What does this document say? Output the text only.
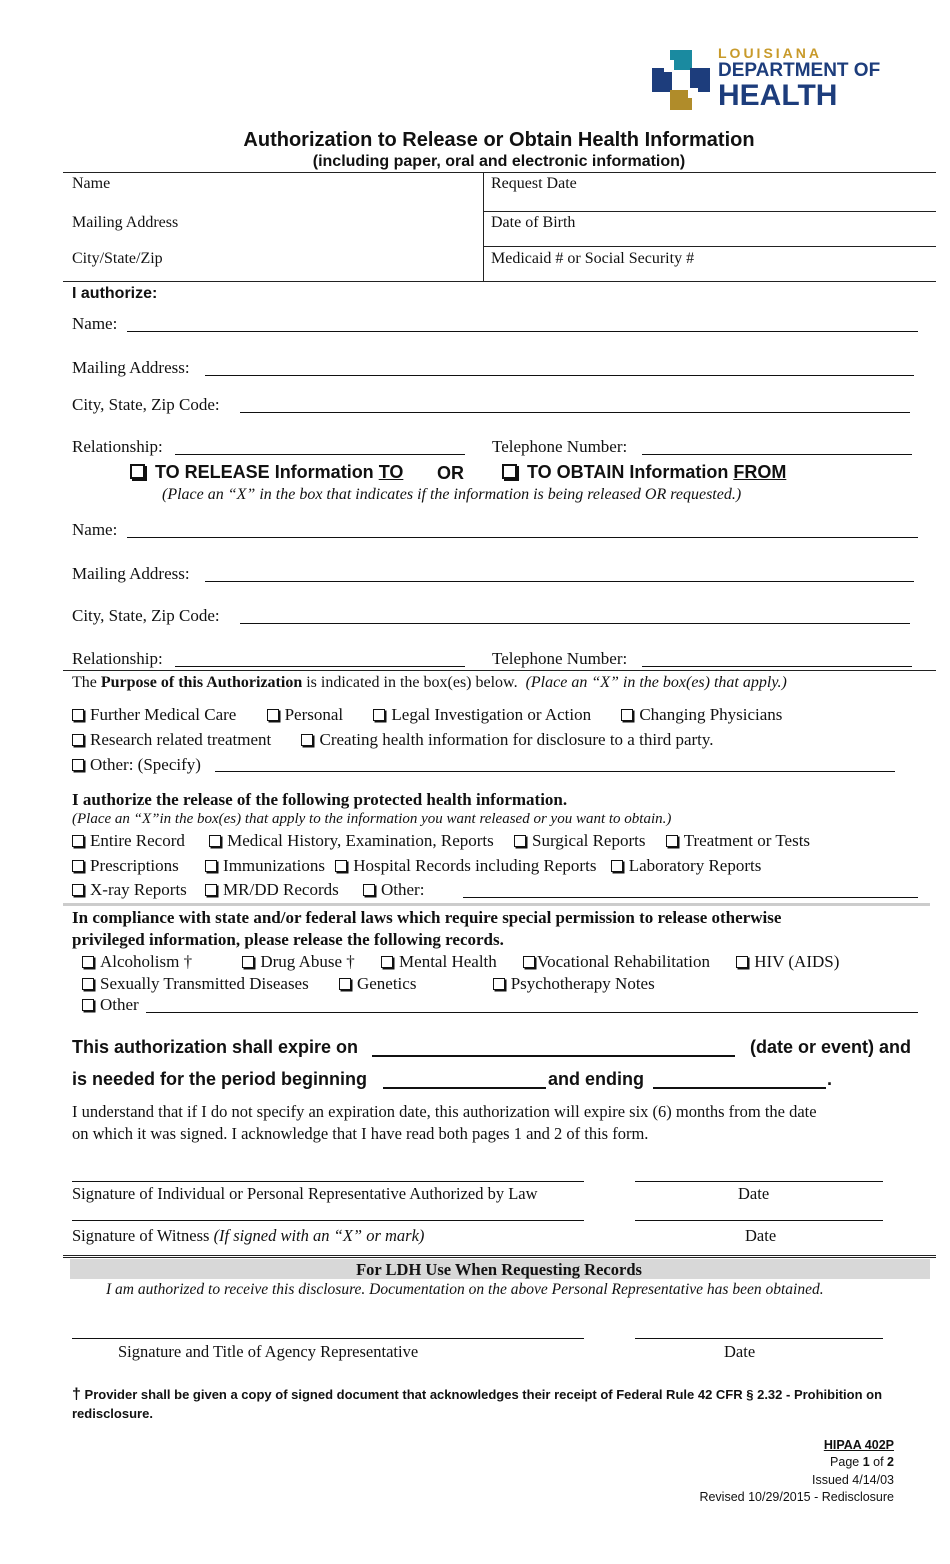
LOUISIANA
DEPARTMENT OF
HEALTH
Authorization to Release or Obtain Health Information
(including paper, oral and electronic information)
Name	Request Date
Mailing Address	Date of Birth
City/State/Zip	Medicaid # or Social Security #
I authorize:
Name:
Mailing Address:
City, State, Zip Code:
Relationship:	Telephone Number:
TO RELEASE Information TO OR	TO OBTAIN Information FROM
(Place an “X” in the box that indicates if the information is being released OR requested.)
Name:
Mailing Address:
City, State, Zip Code:
Relationship:	Telephone Number:
The Purpose of this Authorization is indicated in the box(es) below. (Place an “X” in the box(es) that apply.)
Further Medical Care	Personal	Legal Investigation or Action	Changing Physicians
Research related treatment	Creating health information for disclosure to a third party.
Other: (Specify)
I authorize the release of the following protected health information.
(Place an “X”in the box(es) that apply to the information you want released or you want to obtain.)
Entire Record Medical History, Examination, Reports Surgical Reports Treatment or Tests
Prescriptions	Immunizations Hospital Records including Reports Laboratory Reports
X-ray Reports MR/DD Records Other:
In compliance with state and/or federal laws which require special permission to release otherwise
privileged information, please release the following records.
Alcoholism †	Drug Abuse †	Mental Health Vocational Rehabilitation	HIV (AIDS)
Sexually Transmitted Diseases	Genetics	Psychotherapy Notes
Other
This authorization shall expire on	(date or event) and
is needed for the period beginning	and ending	.
I understand that if I do not specify an expiration date, this authorization will expire six (6) months from the date
on which it was signed. I acknowledge that I have read both pages 1 and 2 of this form.
Signature of Individual or Personal Representative Authorized by Law	Date
Signature of Witness (If signed with an “X” or mark)	Date
For LDH Use When Requesting Records
I am authorized to receive this disclosure. Documentation on the above Personal Representative has been obtained.
Signature and Title of Agency Representative	Date
† Provider shall be given a copy of signed document that acknowledges their receipt of Federal Rule 42 CFR § 2.32 - Prohibition on
redisclosure.
HIPAA 402P
Page 1 of 2
Issued 4/14/03
Revised 10/29/2015 - Redisclosure
